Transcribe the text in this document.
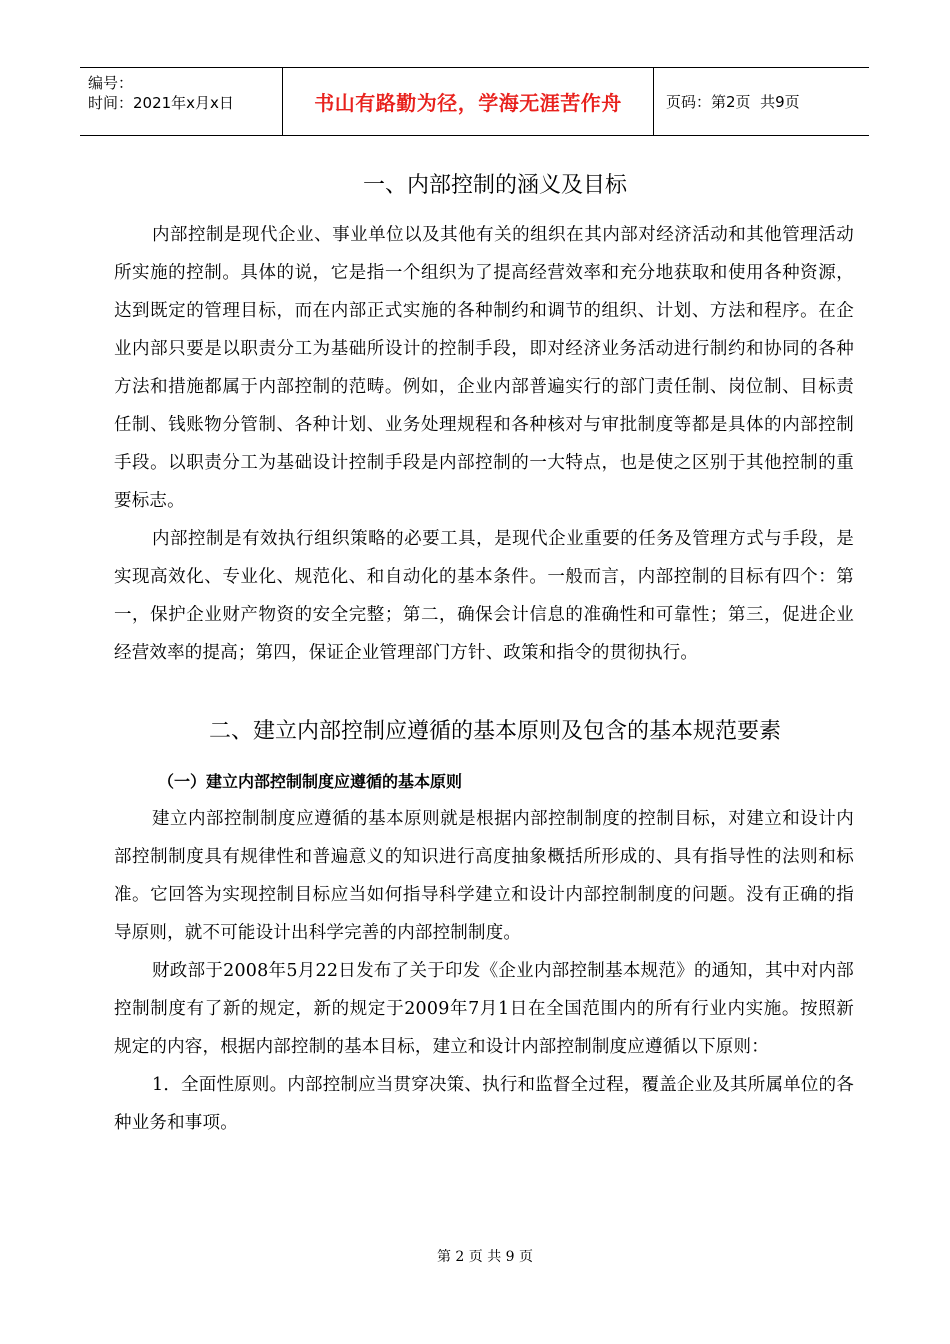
编号：
时间：2021年x月x日	书山有路勤为径，学海无涯苦作舟	页码：第2页  共9页
一、内部控制的涵义及目标

内部控制是现代企业、事业单位以及其他有关的组织在其内部对经济活动和其他管理活动所实施的控制。具体的说，它是指一个组织为了提高经营效率和充分地获取和使用各种资源，达到既定的管理目标，而在内部正式实施的各种制约和调节的组织、计划、方法和程序。在企业内部只要是以职责分工为基础所设计的控制手段，即对经济业务活动进行制约和协同的各种方法和措施都属于内部控制的范畴。例如，企业内部普遍实行的部门责任制、岗位制、目标责任制、钱账物分管制、各种计划、业务处理规程和各种核对与审批制度等都是具体的内部控制手段。以职责分工为基础设计控制手段是内部控制的一大特点，也是使之区别于其他控制的重要标志。

内部控制是有效执行组织策略的必要工具，是现代企业重要的任务及管理方式与手段，是实现高效化、专业化、规范化、和自动化的基本条件。一般而言，内部控制的目标有四个：第一，保护企业财产物资的安全完整；第二，确保会计信息的准确性和可靠性；第三，促进企业经营效率的提高；第四，保证企业管理部门方针、政策和指令的贯彻执行。

二、建立内部控制应遵循的基本原则及包含的基本规范要素
（一）建立内部控制制度应遵循的基本原则

建立内部控制制度应遵循的基本原则就是根据内部控制制度的控制目标，对建立和设计内部控制制度具有规律性和普遍意义的知识进行高度抽象概括所形成的、具有指导性的法则和标准。它回答为实现控制目标应当如何指导科学建立和设计内部控制制度的问题。没有正确的指导原则，就不可能设计出科学完善的内部控制制度。

财政部于2008年5月22日发布了关于印发《企业内部控制基本规范》的通知，其中对内部控制制度有了新的规定，新的规定于2009年7月1日在全国范围内的所有行业内实施。按照新规定的内容，根据内部控制的基本目标，建立和设计内部控制制度应遵循以下原则：

1．全面性原则。内部控制应当贯穿决策、执行和监督全过程，覆盖企业及其所属单位的各种业务和事项。

第 2 页 共 9 页
